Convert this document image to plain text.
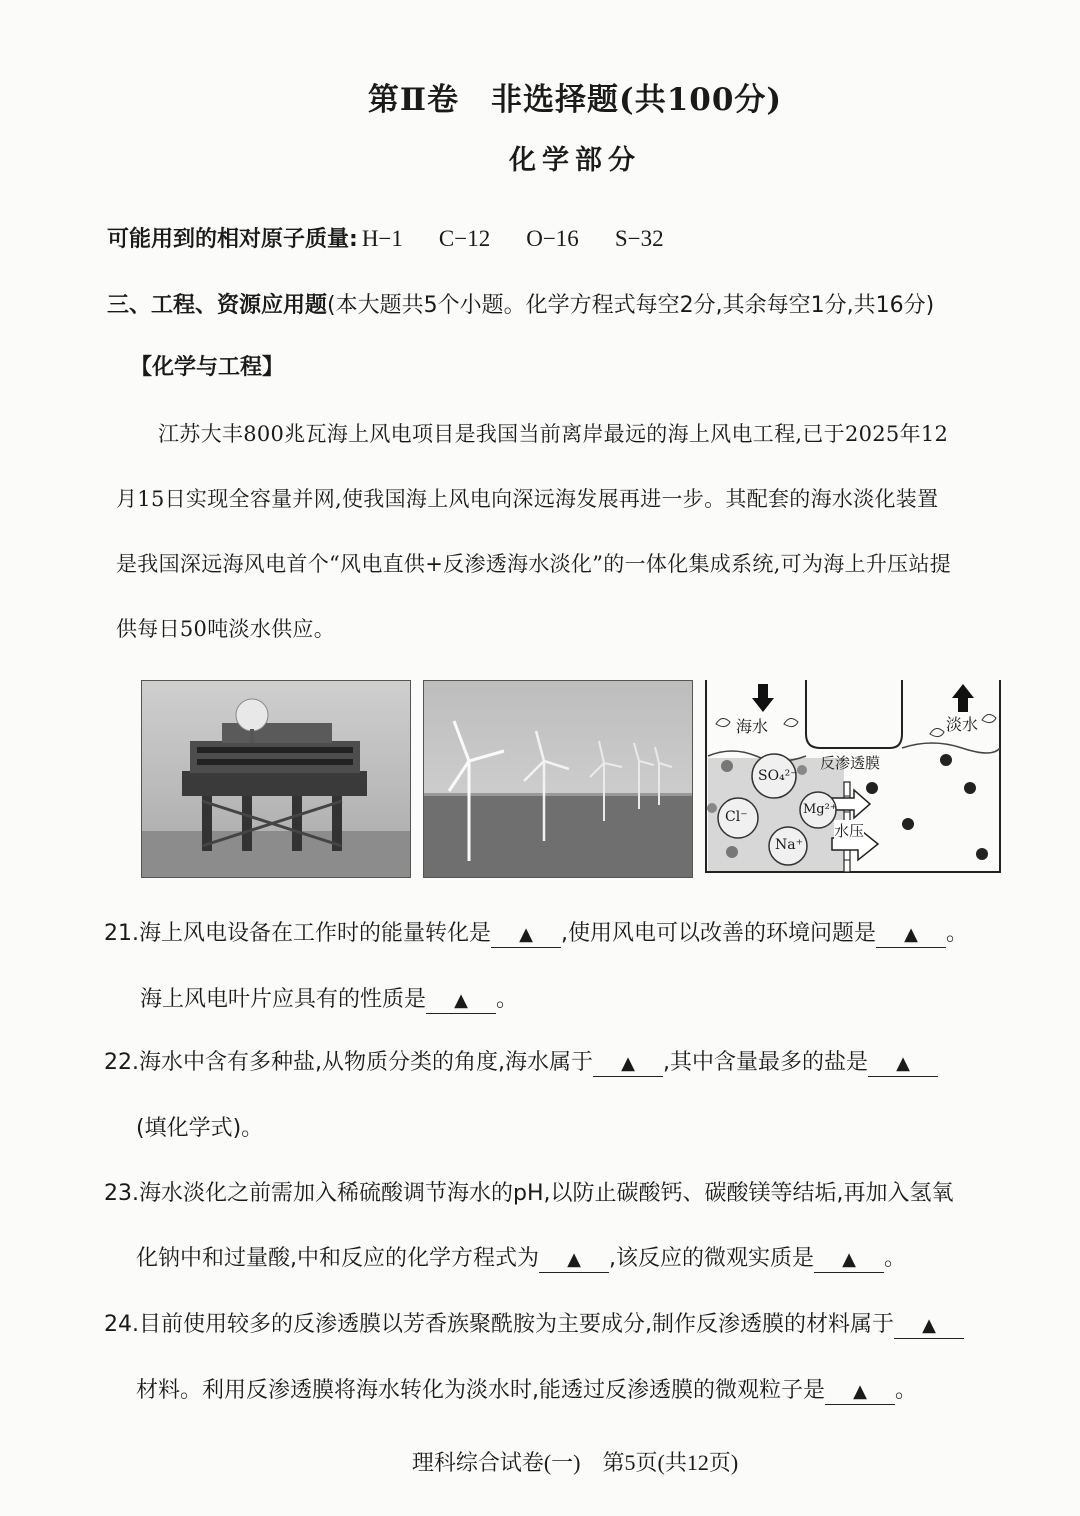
第Ⅱ卷　非选择题(共100分)
化学部分
可能用到的相对原子质量: H−1 C−12 O−16 S−32
三、工程、资源应用题(本大题共5个小题。化学方程式每空2分,其余每空1分,共16分)
【化学与工程】
江苏大丰800兆瓦海上风电项目是我国当前离岸最远的海上风电工程,已于2025年12
月15日实现全容量并网,使我国海上风电向深远海发展再进一步。其配套的海水淡化装置
是我国深远海风电首个“风电直供+反渗透海水淡化”的一体化集成系统,可为海上升压站提
供每日50吨淡水供应。
海水	淡水
反渗透膜
水压
SO₄²⁻
Cl⁻	Mg²⁺
Na⁺
21.海上风电设备在工作时的能量转化是 ▲ ,使用风电可以改善的环境问题是 ▲ 。
海上风电叶片应具有的性质是 ▲ 。
22.海水中含有多种盐,从物质分类的角度,海水属于 ▲ ,其中含量最多的盐是 ▲
(填化学式)。
23.海水淡化之前需加入稀硫酸调节海水的pH,以防止碳酸钙、碳酸镁等结垢,再加入氢氧
化钠中和过量酸,中和反应的化学方程式为 ▲ ,该反应的微观实质是 ▲ 。
24.目前使用较多的反渗透膜以芳香族聚酰胺为主要成分,制作反渗透膜的材料属于 ▲
材料。利用反渗透膜将海水转化为淡水时,能透过反渗透膜的微观粒子是 ▲ 。
理科综合试卷(一)　第5页(共12页)
